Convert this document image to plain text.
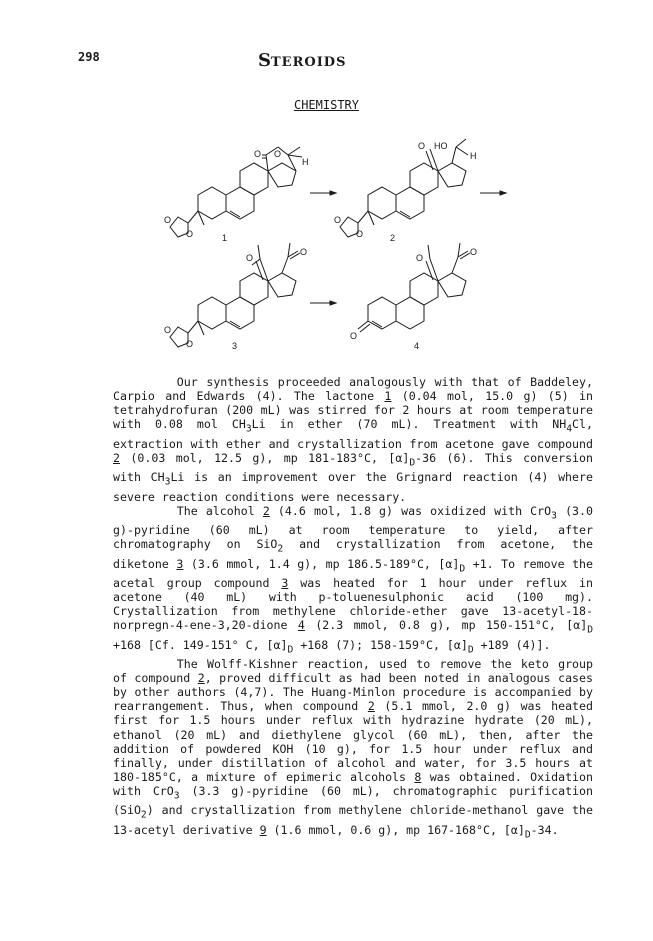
298	STEROIDS
CHEMISTRY
O O
H
O
O	1
O HO
H
O
O	2
O
O
O
O	3
O
O
O
4

Our synthesis proceeded analogously with that of Baddeley, Carpio and Edwards (4). The lactone 1 (0.04 mol, 15.0 g) (5) in tetrahydrofuran (200 mL) was stirred for 2 hours at room temperature with 0.08 mol $CH_3Li$ in ether (70 mL). Treatment with $NH_4Cl$, extraction with ether and crystallization from acetone gave compound 2 (0.03 mol, 12.5 g), mp 181-183°C, $[\alpha]_D-36$ (6). This conversion with $CH_3Li$ is an improvement over the Grignard reaction (4) where severe reaction conditions were necessary.

The alcohol 2 (4.6 mol, 1.8 g) was oxidized with CrO$_3$ (3.0 g)-pyridine (60 mL) at room temperature to yield, after chromatography on SiO$_2$ and crystallization from acetone, the diketone 3 (3.6 mmol, 1.4 g), mp 186.5-189°C, $[\alpha]_D +1$. To remove the acetal group compound 3 was heated for 1 hour under reflux in acetone (40 mL) with p-toluenesulphonic acid (100 mg). Crystallization from methylene chloride-ether gave 13-acetyl-18-norpregn-4-ene-3,20-dione 4 (2.3 mmol, 0.8 g), mp 150-151°C, $[\alpha]_D +168$ [Cf. 149-151° C, $[\alpha]_D +168$ (7); 158-159°C, $[\alpha]_D +189$ (4)].

The Wolff-Kishner reaction, used to remove the keto group of compound 2, proved difficult as had been noted in analogous cases by other authors (4,7). The Huang-Minlon procedure is accompanied by rearrangement. Thus, when compound 2 (5.1 mmol, 2.0 g) was heated first for 1.5 hours under reflux with hydrazine hydrate (20 mL), ethanol (20 mL) and diethylene glycol (60 mL), then, after the addition of powdered KOH (10 g), for 1.5 hour under reflux and finally, under distillation of alcohol and water, for 3.5 hours at 180-185°C, a mixture of epimeric alcohols 8 was obtained. Oxidation with CrO$_3$ (3.3 g)-pyridine (60 mL), chromatographic purification (SiO$_2$) and crystallization from methylene chloride-methanol gave the 13-acetyl derivative 9 (1.6 mmol, 0.6 g), mp 167-168°C, $[\alpha]_D-34$.
